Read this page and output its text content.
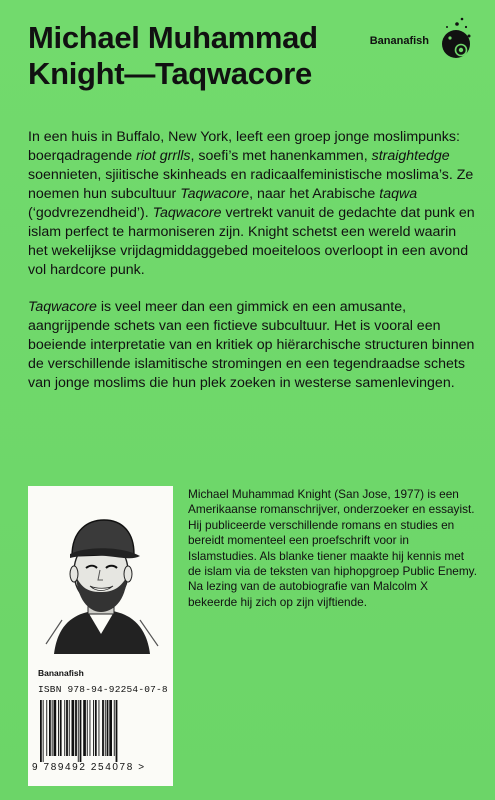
Michael Muhammad
Knight—Taqwacore
Bananafish

In een huis in Buffalo, New York, leeft een groep jonge moslimpunks: boerqadragende riot grrlls, soefi’s met hanenkammen, straightedge soennieten, sjiitische skinheads en radicaalfeministische moslima’s. Ze noemen hun subcultuur Taqwacore, naar het Arabische taqwa (‘godvrezendheid’). Taqwacore vertrekt vanuit de gedachte dat punk en islam perfect te harmoniseren zijn. Knight schetst een wereld waarin het wekelijkse vrijdagmiddaggebed moeiteloos overloopt in een avond vol hardcore punk.

Taqwacore is veel meer dan een gimmick en een amusante, aangrijpende schets van een fictieve subcultuur. Het is vooral een boeiende interpretatie van en kritiek op hiërarchische structuren binnen de verschillende islamitische stromingen en een tegendraadse schets van jonge moslims die hun plek zoeken in westerse samenlevingen.

Bananafish
ISBN 978-94-92254-07-8
9 789492 254078 >
Michael Muhammad Knight (San Jose, 1977) is een Amerikaanse romanschrijver, onderzoeker en essayist. Hij publiceerde verschillende romans en studies en bereidt momenteel een proefschrift voor in Islamstudies. Als blanke tiener maakte hij kennis met de islam via de teksten van hiphopgroep Public Enemy. Na lezing van de autobiografie van Malcolm X bekeerde hij zich op zijn vijftiende.
